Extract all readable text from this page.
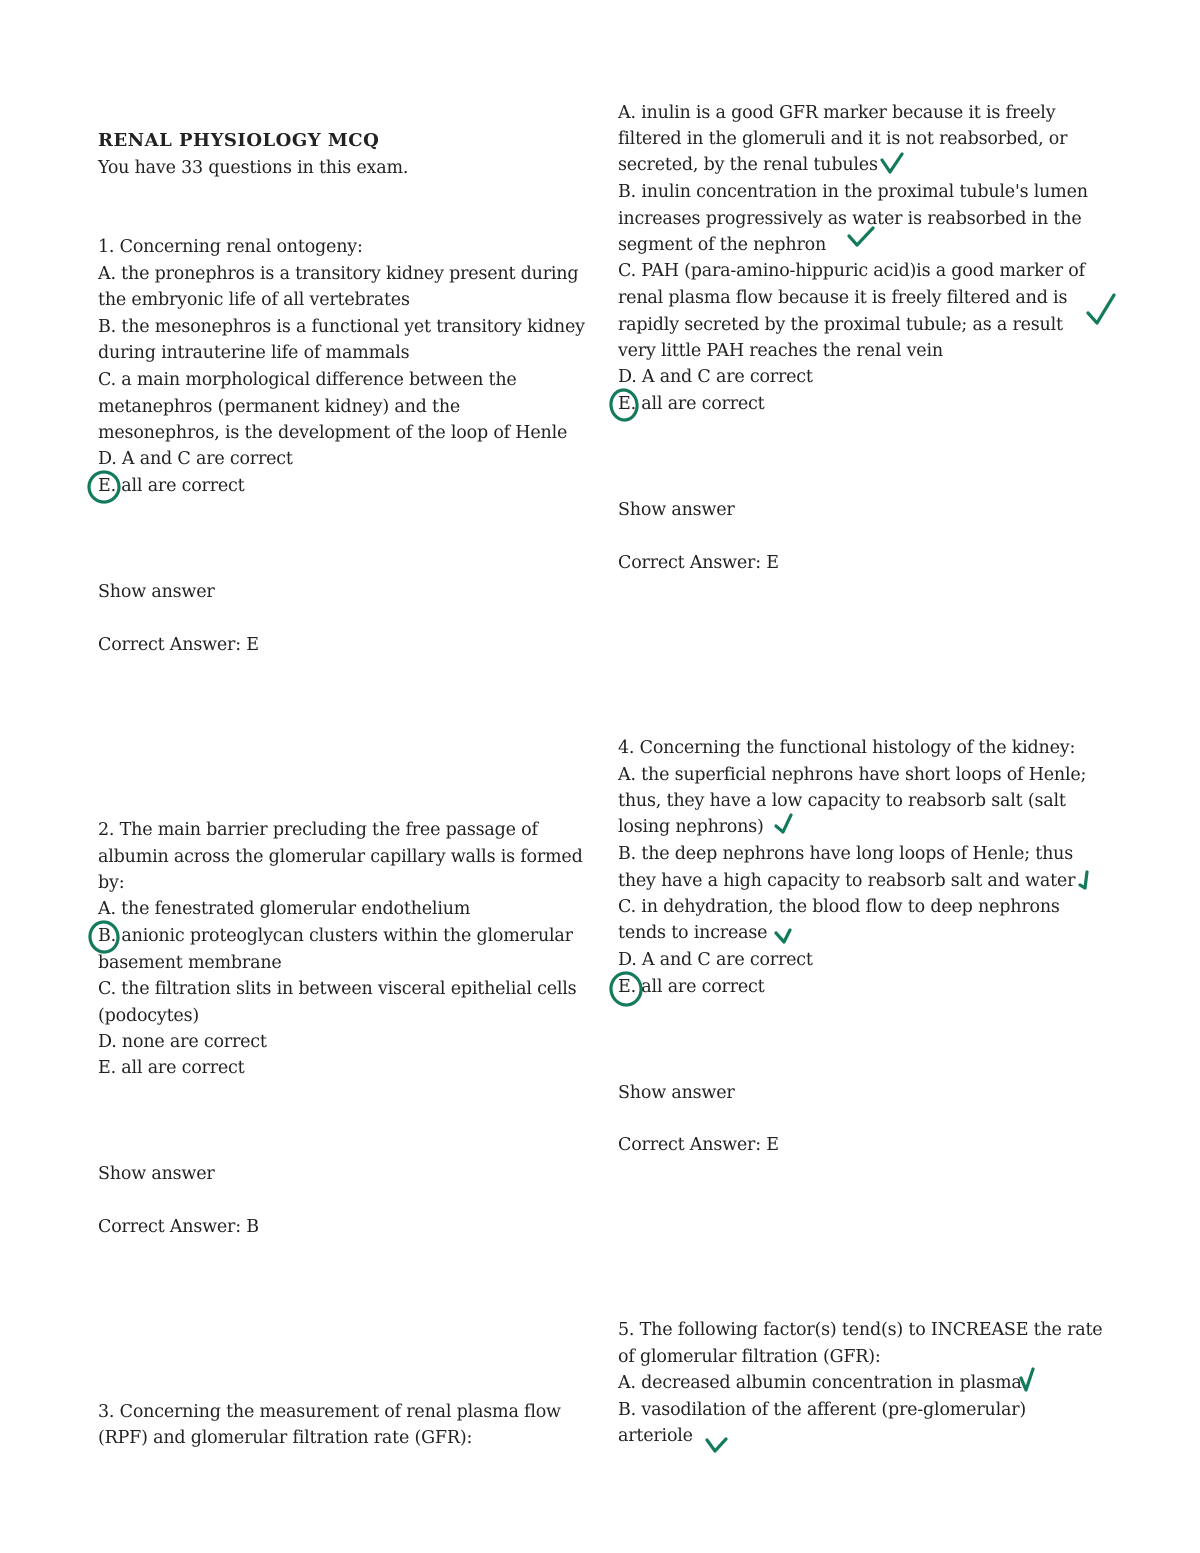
RENAL PHYSIOLOGY MCQ
You have 33 questions in this exam.
1. Concerning renal ontogeny:
A. the pronephros is a transitory kidney present during
the embryonic life of all vertebrates
B. the mesonephros is a functional yet transitory kidney
during intrauterine life of mammals
C. a main morphological difference between the
metanephros (permanent kidney) and the
mesonephros, is the development of the loop of Henle
D. A and C are correct
E. all are correct
Show answer
Correct Answer: E
2. The main barrier precluding the free passage of
albumin across the glomerular capillary walls is formed
by:
A. the fenestrated glomerular endothelium
B. anionic proteoglycan clusters within the glomerular
basement membrane
C. the filtration slits in between visceral epithelial cells
(podocytes)
D. none are correct
E. all are correct
Show answer
Correct Answer: B
3. Concerning the measurement of renal plasma flow
(RPF) and glomerular filtration rate (GFR):
A. inulin is a good GFR marker because it is freely
filtered in the glomeruli and it is not reabsorbed, or
secreted, by the renal tubules
B. inulin concentration in the proximal tubule's lumen
increases progressively as water is reabsorbed in the
segment of the nephron
C. PAH (para-amino-hippuric acid)is a good marker of
renal plasma flow because it is freely filtered and is
rapidly secreted by the proximal tubule; as a result
very little PAH reaches the renal vein
D. A and C are correct
E. all are correct
Show answer
Correct Answer: E
4. Concerning the functional histology of the kidney:
A. the superficial nephrons have short loops of Henle;
thus, they have a low capacity to reabsorb salt (salt
losing nephrons)
B. the deep nephrons have long loops of Henle; thus
they have a high capacity to reabsorb salt and water
C. in dehydration, the blood flow to deep nephrons
tends to increase
D. A and C are correct
E. all are correct
Show answer
Correct Answer: E
5. The following factor(s) tend(s) to INCREASE the rate
of glomerular filtration (GFR):
A. decreased albumin concentration in plasma
B. vasodilation of the afferent (pre-glomerular)
arteriole
